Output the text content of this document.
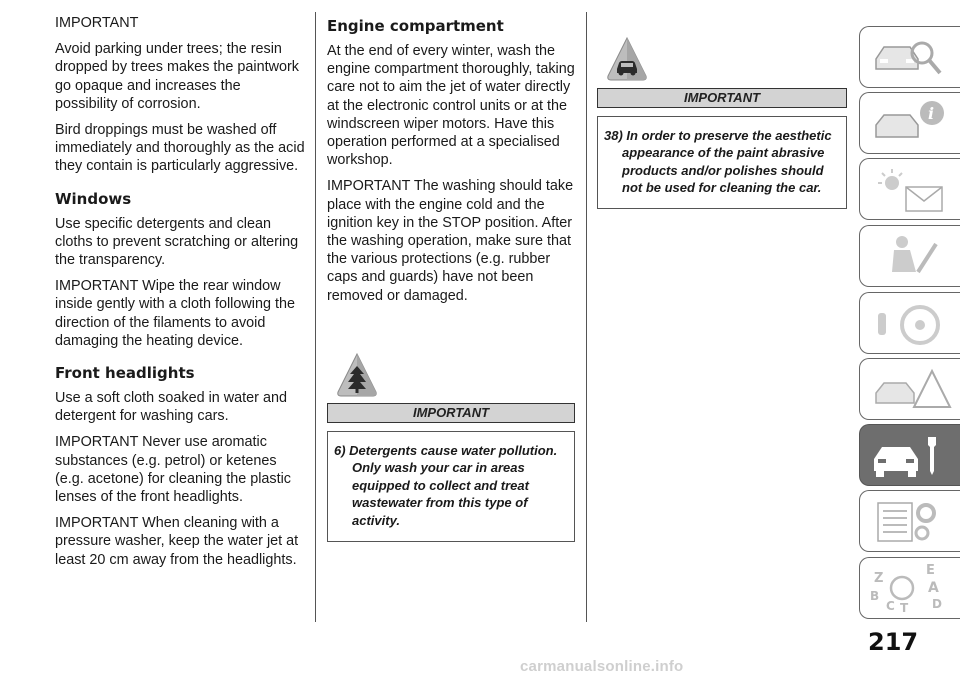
IMPORTANT

Avoid parking under trees; the resin dropped by trees makes the paintwork go opaque and increases the possibility of corrosion.

Bird droppings must be washed off immediately and thoroughly as the acid they contain is particularly aggressive.

Windows

Use specific detergents and clean cloths to prevent scratching or altering the transparency.

IMPORTANT Wipe the rear window inside gently with a cloth following the direction of the filaments to avoid damaging the heating device.

Front headlights

Use a soft cloth soaked in water and detergent for washing cars.

IMPORTANT Never use aromatic substances (e.g. petrol) or ketenes (e.g. acetone) for cleaning the plastic lenses of the front headlights.

IMPORTANT When cleaning with a pressure washer, keep the water jet at least 20 cm away from the headlights.

Engine compartment

At the end of every winter, wash the engine compartment thoroughly, taking care not to aim the jet of water directly at the electronic control units or at the windscreen wiper motors. Have this operation performed at a specialised workshop.

IMPORTANT The washing should take place with the engine cold and the ignition key in the STOP position. After the washing operation, make sure that the various protections (e.g. rubber caps and guards) have not been removed or damaged.

IMPORTANT

6) Detergents cause water pollution. Only wash your car in areas equipped to collect and treat wastewater from this type of activity.

IMPORTANT

38) In order to preserve the aesthetic appearance of the paint abrasive products and/or polishes should not be used for cleaning the car.

i
Z
B
C T
E
A
D
217
carmanualsonline.info
